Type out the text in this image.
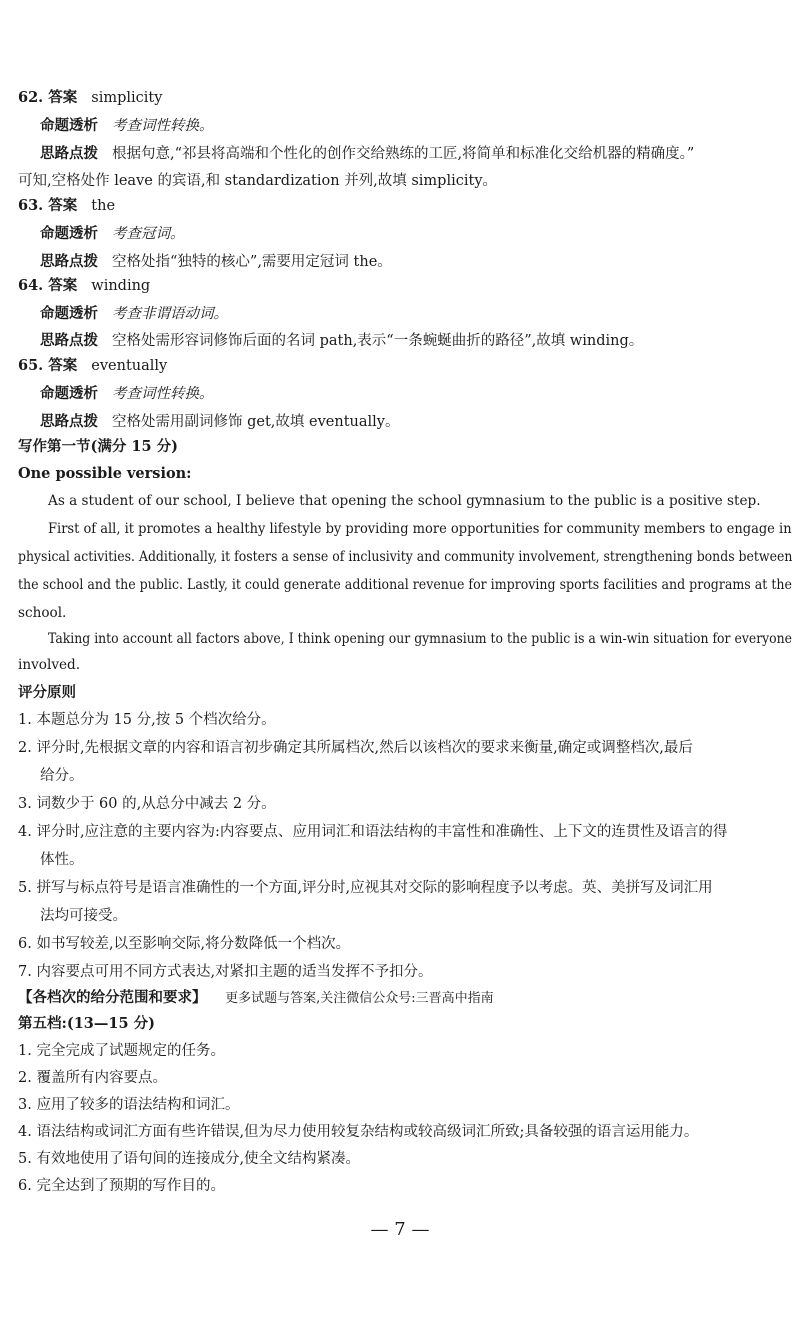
62. 答案 simplicity
命题透析 考查词性转换。
思路点拨 根据句意,“祁县将高端和个性化的创作交给熟练的工匠,将简单和标准化交给机器的精确度。”
可知,空格处作 leave 的宾语,和 standardization 并列,故填 simplicity。
63. 答案 the
命题透析 考查冠词。
思路点拨 空格处指“独特的核心”,需要用定冠词 the。
64. 答案 winding
命题透析 考查非谓语动词。
思路点拨 空格处需形容词修饰后面的名词 path,表示“一条蜿蜒曲折的路径”,故填 winding。
65. 答案 eventually
命题透析 考查词性转换。
思路点拨 空格处需用副词修饰 get,故填 eventually。
写作第一节(满分 15 分)
One possible version:
As a student of our school, I believe that opening the school gymnasium to the public is a positive step.
First of all, it promotes a healthy lifestyle by providing more opportunities for community members to engage in
physical activities. Additionally, it fosters a sense of inclusivity and community involvement, strengthening bonds between
the school and the public. Lastly, it could generate additional revenue for improving sports facilities and programs at the
school.
Taking into account all factors above, I think opening our gymnasium to the public is a win-win situation for everyone
involved.
评分原则
1. 本题总分为 15 分,按 5 个档次给分。
2. 评分时,先根据文章的内容和语言初步确定其所属档次,然后以该档次的要求来衡量,确定或调整档次,最后
给分。
3. 词数少于 60 的,从总分中减去 2 分。
4. 评分时,应注意的主要内容为:内容要点、应用词汇和语法结构的丰富性和准确性、上下文的连贯性及语言的得
体性。
5. 拼写与标点符号是语言准确性的一个方面,评分时,应视其对交际的影响程度予以考虑。英、美拼写及词汇用
法均可接受。
6. 如书写较差,以至影响交际,将分数降低一个档次。
7. 内容要点可用不同方式表达,对紧扣主题的适当发挥不予扣分。
【各档次的给分范围和要求】 更多试题与答案,关注微信公众号:三晋高中指南
第五档:(13—15 分)
1. 完全完成了试题规定的任务。
2. 覆盖所有内容要点。
3. 应用了较多的语法结构和词汇。
4. 语法结构或词汇方面有些许错误,但为尽力使用较复杂结构或较高级词汇所致;具备较强的语言运用能力。
5. 有效地使用了语句间的连接成分,使全文结构紧凑。
6. 完全达到了预期的写作目的。
— 7 —
